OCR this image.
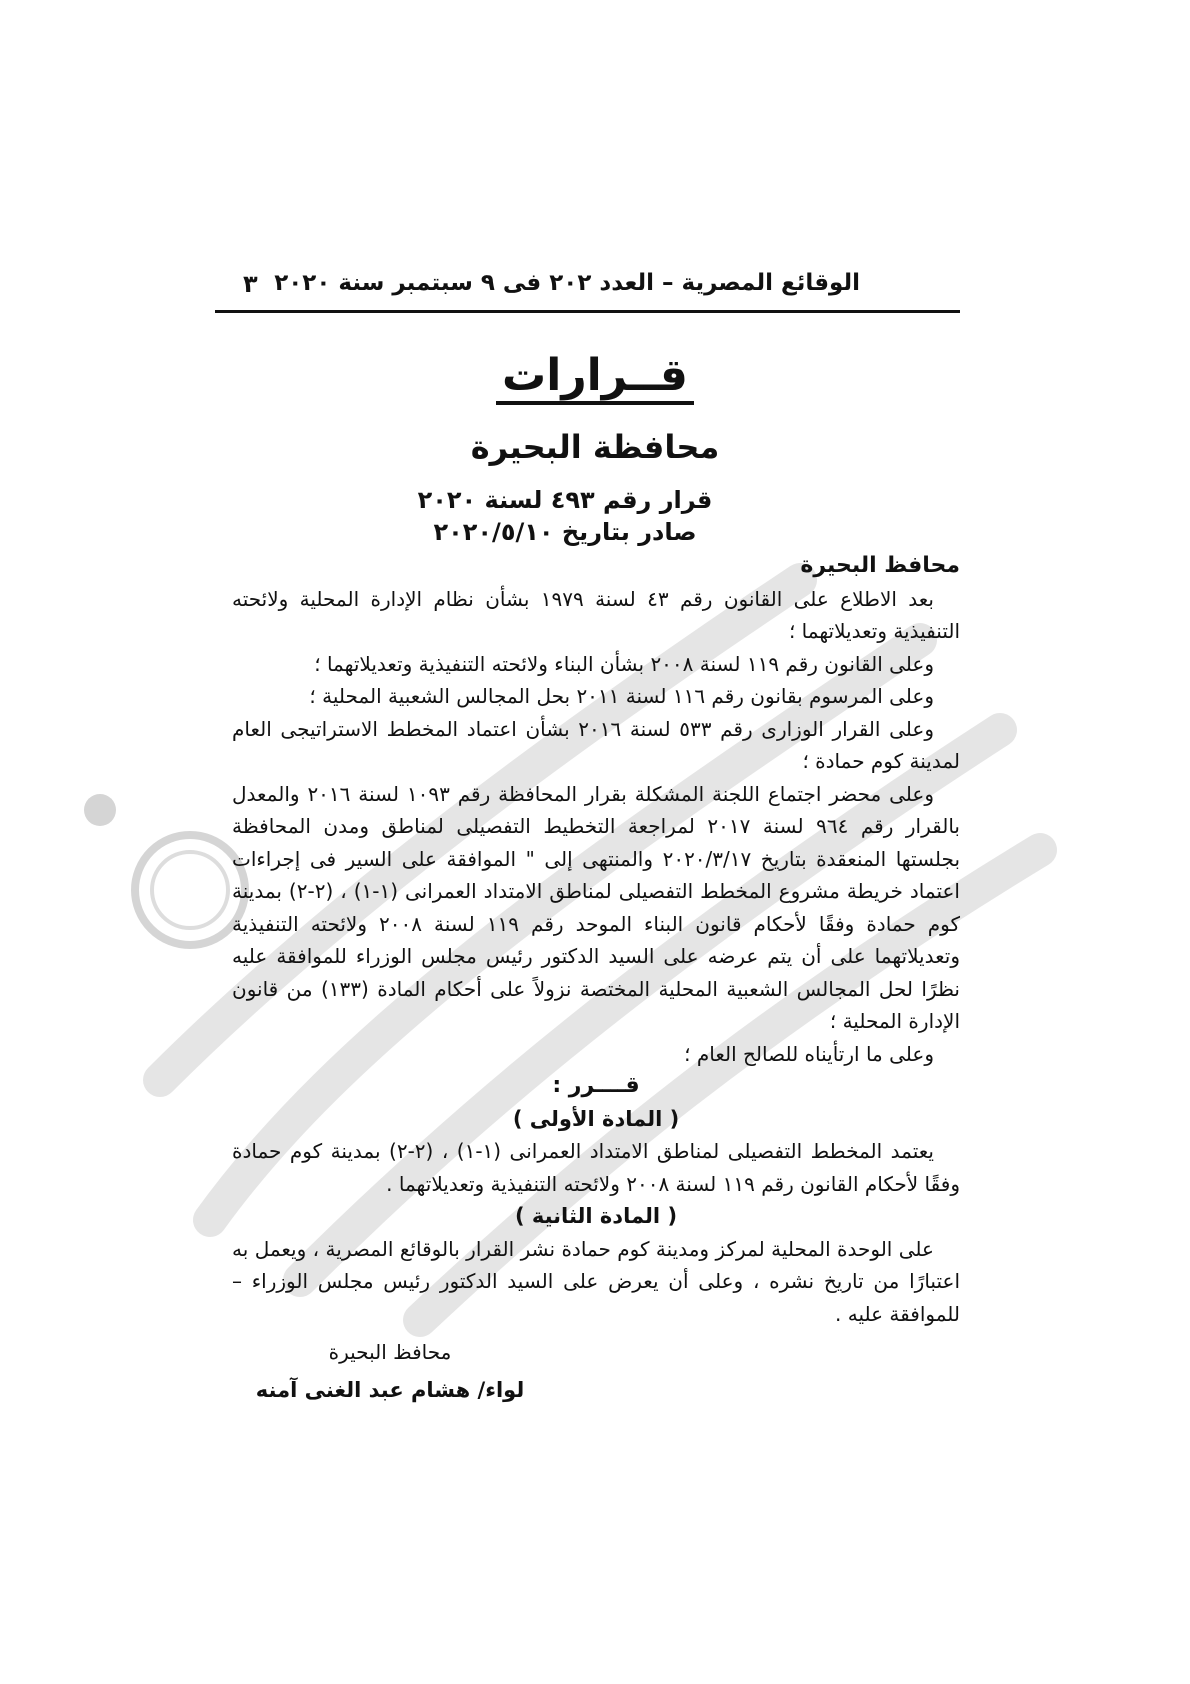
الوقائع المصرية – العدد ٢٠٢ فى ٩ سبتمبر سنة ٢٠٢٠
٣
قــرارات
محافظة البحيرة
قرار رقم ٤٩٣ لسنة ٢٠٢٠
صادر بتاريخ ٢٠٢٠/٥/١٠

محافظ البحيرة

بعد الاطلاع على القانون رقم ٤٣ لسنة ١٩٧٩ بشأن نظام الإدارة المحلية ولائحته التنفيذية وتعديلاتهما ؛

وعلى القانون رقم ١١٩ لسنة ٢٠٠٨ بشأن البناء ولائحته التنفيذية وتعديلاتهما ؛

وعلى المرسوم بقانون رقم ١١٦ لسنة ٢٠١١ بحل المجالس الشعبية المحلية ؛

وعلى القرار الوزارى رقم ٥٣٣ لسنة ٢٠١٦ بشأن اعتماد المخطط الاستراتيجى العام لمدينة كوم حمادة ؛

وعلى محضر اجتماع اللجنة المشكلة بقرار المحافظة رقم ١٠٩٣ لسنة ٢٠١٦ والمعدل بالقرار رقم ٩٦٤ لسنة ٢٠١٧ لمراجعة التخطيط التفصيلى لمناطق ومدن المحافظة بجلستها المنعقدة بتاريخ ٢٠٢٠/٣/١٧ والمنتهى إلى " الموافقة على السير فى إجراءات اعتماد خريطة مشروع المخطط التفصيلى لمناطق الامتداد العمرانى (١-١) ، (٢-٢) بمدينة كوم حمادة وفقًا لأحكام قانون البناء الموحد رقم ١١٩ لسنة ٢٠٠٨ ولائحته التنفيذية وتعديلاتهما على أن يتم عرضه على السيد الدكتور رئيس مجلس الوزراء للموافقة عليه نظرًا لحل المجالس الشعبية المحلية المختصة نزولاً على أحكام المادة (١٣٣) من قانون الإدارة المحلية ؛

وعلى ما ارتأيناه للصالح العام ؛

قــــرر :

( المادة الأولى )

يعتمد المخطط التفصيلى لمناطق الامتداد العمرانى (١-١) ، (٢-٢) بمدينة كوم حمادة وفقًا لأحكام القانون رقم ١١٩ لسنة ٢٠٠٨ ولائحته التنفيذية وتعديلاتهما .

( المادة الثانية )

على الوحدة المحلية لمركز ومدينة كوم حمادة نشر القرار بالوقائع المصرية ، ويعمل به اعتبارًا من تاريخ نشره ، وعلى أن يعرض على السيد الدكتور رئيس مجلس الوزراء – للموافقة عليه .

محافظ البحيرة
لواء/ هشام عبد الغنى آمنه
